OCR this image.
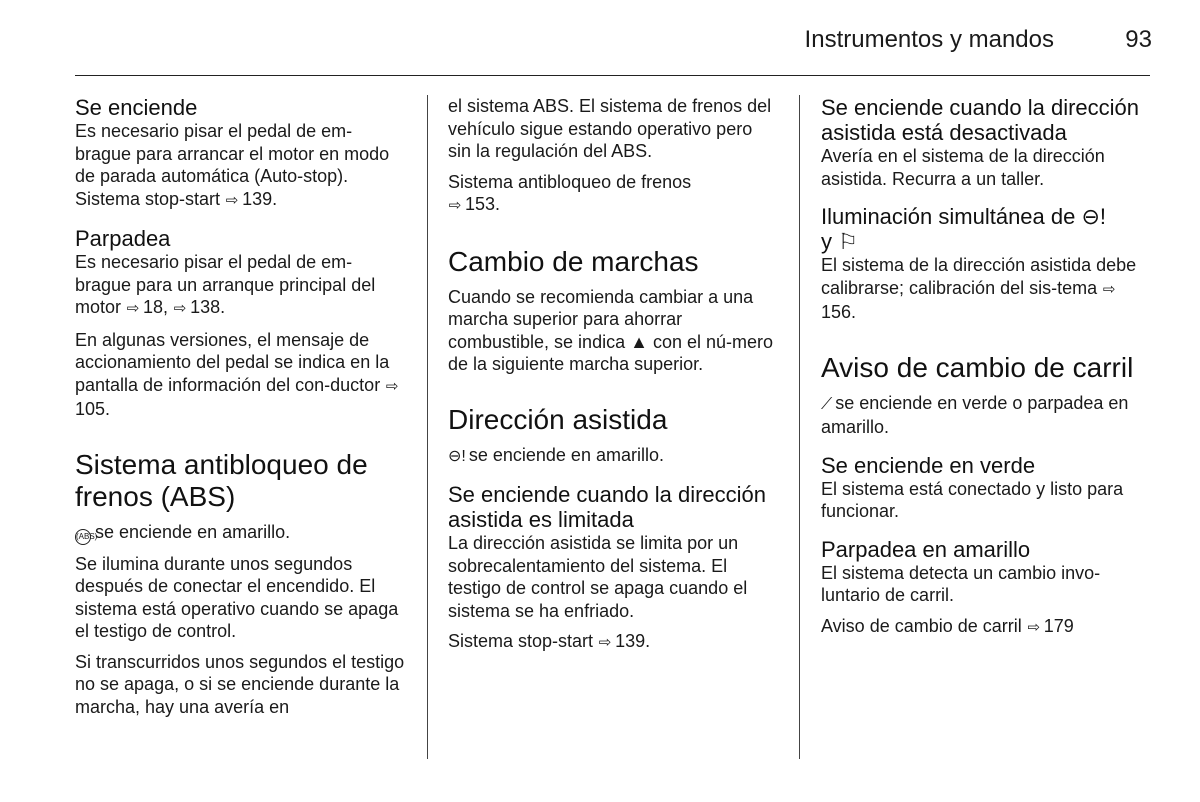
Instrumentos y mandos	93
Se enciende

Es necesario pisar el pedal de em-brague para arrancar el motor en modo de parada automática (Auto-stop). Sistema stop-start ⇨ 139.

Parpadea

Es necesario pisar el pedal de em-brague para un arranque principal del motor ⇨ 18, ⇨ 138.

En algunas versiones, el mensaje de accionamiento del pedal se indica en la pantalla de información del con-ductor ⇨105.

Sistema antibloqueo de frenos (ABS)

(ABS)se enciende en amarillo.

Se ilumina durante unos segundos después de conectar el encendido. El sistema está operativo cuando se apaga el testigo de control.

Si transcurridos unos segundos el testigo no se apaga, o si se enciende durante la marcha, hay una avería en

el sistema ABS. El sistema de frenos del vehículo sigue estando operativo pero sin la regulación del ABS.

Sistema antibloqueo de frenos
⇨ 153.

Cambio de marchas

Cuando se recomienda cambiar a una marcha superior para ahorrar combustible, se indica ▲ con el nú-mero de la siguiente marcha superior.

Dirección asistida

⊖! se enciende en amarillo.

Se enciende cuando la dirección asistida es limitada

La dirección asistida se limita por un sobrecalentamiento del sistema. El testigo de control se apaga cuando el sistema se ha enfriado.

Sistema stop-start ⇨ 139.

Se enciende cuando la dirección asistida está desactivada

Avería en el sistema de la dirección asistida. Recurra a un taller.

Iluminación simultánea de ⊖!
y ⚐

El sistema de la dirección asistida debe calibrarse; calibración del sis-tema ⇨156.

Aviso de cambio de carril

⟋ se enciende en verde o parpadea en amarillo.

Se enciende en verde

El sistema está conectado y listo para funcionar.

Parpadea en amarillo

El sistema detecta un cambio invo-luntario de carril.

Aviso de cambio de carril ⇨ 179
